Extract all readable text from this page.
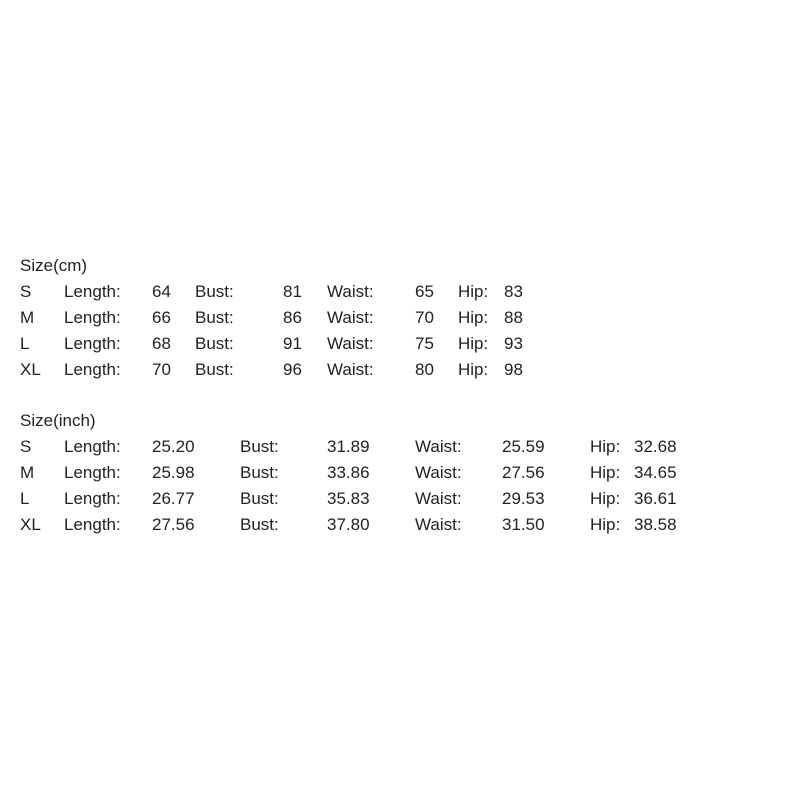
Size(cm)
S Length: 64 Bust:	81 Waist: 65 Hip: 83
M Length: 66 Bust:	86 Waist: 70 Hip: 88
L Length: 68 Bust:	91 Waist: 75 Hip: 93
XL Length: 70 Bust:	96 Waist: 80 Hip: 98
Size(inch)
S Length: 25.20	Bust:	31.89	Waist: 25.59	Hip: 32.68
M Length: 25.98	Bust:	33.86	Waist: 27.56	Hip: 34.65
L Length: 26.77	Bust:	35.83	Waist: 29.53	Hip: 36.61
XL Length: 27.56	Bust:	37.80	Waist: 31.50	Hip: 38.58
